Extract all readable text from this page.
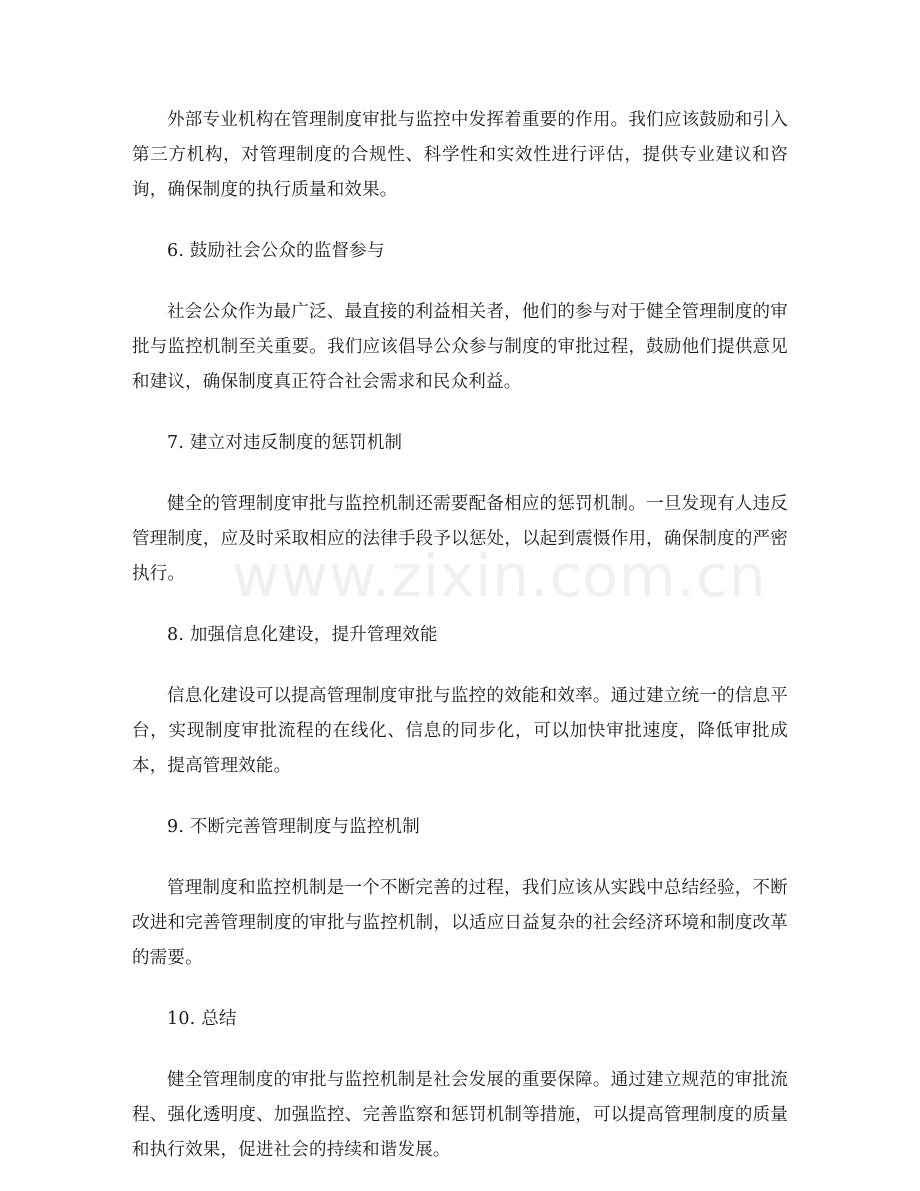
外部专业机构在管理制度审批与监控中发挥着重要的作用。我们应该鼓励和引入第三方机构，对管理制度的合规性、科学性和实效性进行评估，提供专业建议和咨询，确保制度的执行质量和效果。

6. 鼓励社会公众的监督参与

社会公众作为最广泛、最直接的利益相关者，他们的参与对于健全管理制度的审批与监控机制至关重要。我们应该倡导公众参与制度的审批过程，鼓励他们提供意见和建议，确保制度真正符合社会需求和民众利益。

7. 建立对违反制度的惩罚机制

健全的管理制度审批与监控机制还需要配备相应的惩罚机制。一旦发现有人违反管理制度，应及时采取相应的法律手段予以惩处，以起到震慑作用，确保制度的严密执行。

8. 加强信息化建设，提升管理效能

信息化建设可以提高管理制度审批与监控的效能和效率。通过建立统一的信息平台，实现制度审批流程的在线化、信息的同步化，可以加快审批速度，降低审批成本，提高管理效能。

9. 不断完善管理制度与监控机制

管理制度和监控机制是一个不断完善的过程，我们应该从实践中总结经验，不断改进和完善管理制度的审批与监控机制，以适应日益复杂的社会经济环境和制度改革的需要。

10. 总结

健全管理制度的审批与监控机制是社会发展的重要保障。通过建立规范的审批流程、强化透明度、加强监控、完善监察和惩罚机制等措施，可以提高管理制度的质量和执行效果，促进社会的持续和谐发展。

www.zixin.com.cn
